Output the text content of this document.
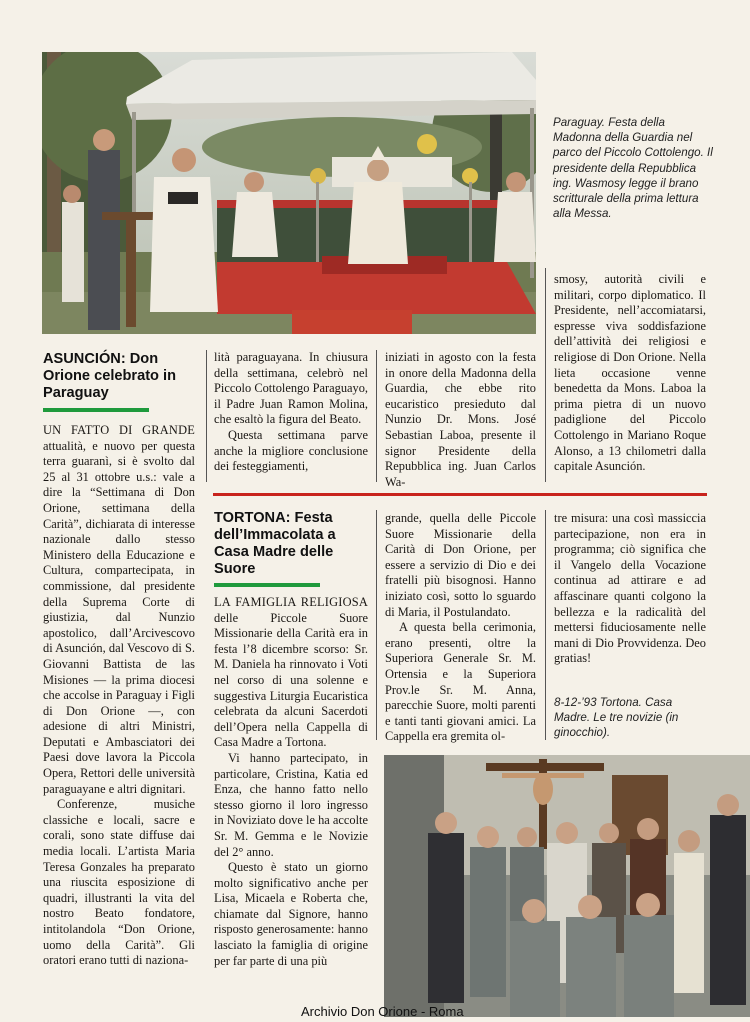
Paraguay. Festa della Madonna della Guardia nel parco del Piccolo Cottolengo. Il presidente della Repubblica ing. Wasmosy legge il brano scritturale della prima lettura alla Messa.
ASUNCIÓN: Don Orione celebrato in Paraguay

UN FATTO DI GRANDE attualità, e nuovo per questa terra guaranì, si è svolto dal 25 al 31 ottobre u.s.: vale a dire la “Settimana di Don Orione, settimana della Carità”, dichiarata di interesse nazionale dallo stesso Ministero della Educazione e Cultura, compartecipata, in commissione, dal presidente della Suprema Corte di giustizia, dal Nunzio apostolico, dall’Arcivescovo di Asunción, dal Vescovo di S. Giovanni Battista de las Misiones — la prima diocesi che accolse in Paraguay i Figli di Don Orione —, con adesione di altri Ministri, Deputati e Ambasciatori dei Paesi dove lavora la Piccola Opera, Rettori delle università paraguayane e altri dignitari.

Conferenze, musiche classiche e locali, sacre e corali, sono state diffuse dai media locali. L’artista Maria Teresa Gonzales ha preparato una riuscita esposizione di quadri, illustranti la vita del nostro Beato fondatore, intitolandola “Don Orione, uomo della Carità”. Gli oratori erano tutti di naziona-

lità paraguayana. In chiusura della settimana, celebrò nel Piccolo Cottolengo Paraguayo, il Padre Juan Ramon Molina, che esaltò la figura del Beato.

Questa settimana parve anche la migliore conclusione dei festeggiamenti,

iniziati in agosto con la festa in onore della Madonna della Guardia, che ebbe rito eucaristico presieduto dal Nunzio Dr. Mons. José Sebastian Laboa, presente il signor Presidente della Repubblica ing. Juan Carlos Wa-

smosy, autorità civili e militari, corpo diplomatico. Il Presidente, nell’accomiatarsi, espresse viva soddisfazione dell’attività dei religiosi e religiose di Don Orione. Nella lieta occasione venne benedetta da Mons. Laboa la prima pietra di un nuovo padiglione del Piccolo Cottolengo in Mariano Roque Alonso, a 13 chilometri dalla capitale Asunción.

TORTONA: Festa dell’Immacolata a Casa Madre delle Suore

LA FAMIGLIA RELIGIOSA delle Piccole Suore Missionarie della Carità era in festa l’8 dicembre scorso: Sr. M. Daniela ha rinnovato i Voti nel corso di una solenne e suggestiva Liturgia Eucaristica celebrata da alcuni Sacerdoti dell’Opera nella Cappella di Casa Madre a Tortona.

Vi hanno partecipato, in particolare, Cristina, Katia ed Enza, che hanno fatto nello stesso giorno il loro ingresso in Noviziato dove le ha accolte Sr. M. Gemma e le Novizie del 2° anno.

Questo è stato un giorno molto significativo anche per Lisa, Micaela e Roberta che, chiamate dal Signore, hanno risposto generosamente: hanno lasciato la famiglia di origine per far parte di una più

grande, quella delle Piccole Suore Missionarie della Carità di Don Orione, per essere a servizio di Dio e dei fratelli più bisognosi. Hanno iniziato così, sotto lo sguardo di Maria, il Postulandato.

A questa bella cerimonia, erano presenti, oltre la Superiora Generale Sr. M. Ortensia e la Superiora Prov.le Sr. M. Anna, parecchie Suore, molti parenti e tanti tanti giovani amici. La Cappella era gremita ol-

tre misura: una così massiccia partecipazione, non era in programma; ciò significa che il Vangelo della Vocazione continua ad attirare e ad affascinare quanti colgono la bellezza e la radicalità del mettersi fiduciosamente nelle mani di Dio Provvidenza. Deo gratias!

8-12-’93 Tortona. Casa Madre. Le tre novizie (in ginocchio).
Archivio Don Orione - Roma
